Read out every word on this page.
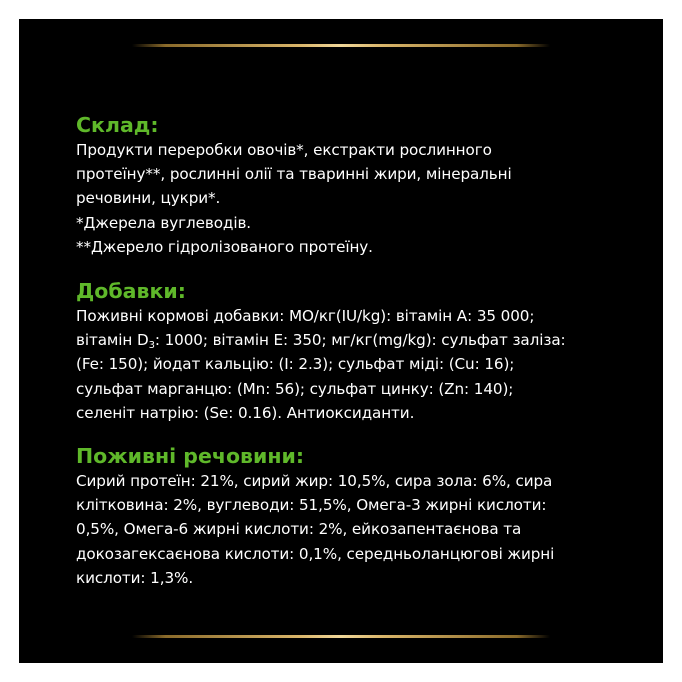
Склад:

Продукти переробки овочів*, екстракти рослинного
протеїну**, рослинні олії та тваринні жири, мінеральні
речовини, цукри*.
*Джерела вуглеводів.
**Джерело гідролізованого протеїну.

Добавки:

Поживні кормові добавки: МО/кг(IU/kg): вітамін А: 35 000;
вітамін $D_3$: 1000; вітамін Е: 350; мг/кг(mg/kg): сульфат заліза:
(Fe: 150); йодат кальцію: (I: 2.3); сульфат міді: (Cu: 16);
сульфат марганцю: (Mn: 56); сульфат цинку: (Zn: 140);
селеніт натрію: (Se: 0.16). Антиоксиданти.

Поживні речовини:

Сирий протеїн: 21%, сирий жир: 10,5%, сира зола: 6%, сира
клітковина: 2%, вуглеводи: 51,5%, Омега-3 жирні кислоти:
0,5%, Омега-6 жирні кислоти: 2%, ейкозапентаєнова та
докозагексаєнова кислоти: 0,1%, середньоланцюгові жирні
кислоти: 1,3%.
